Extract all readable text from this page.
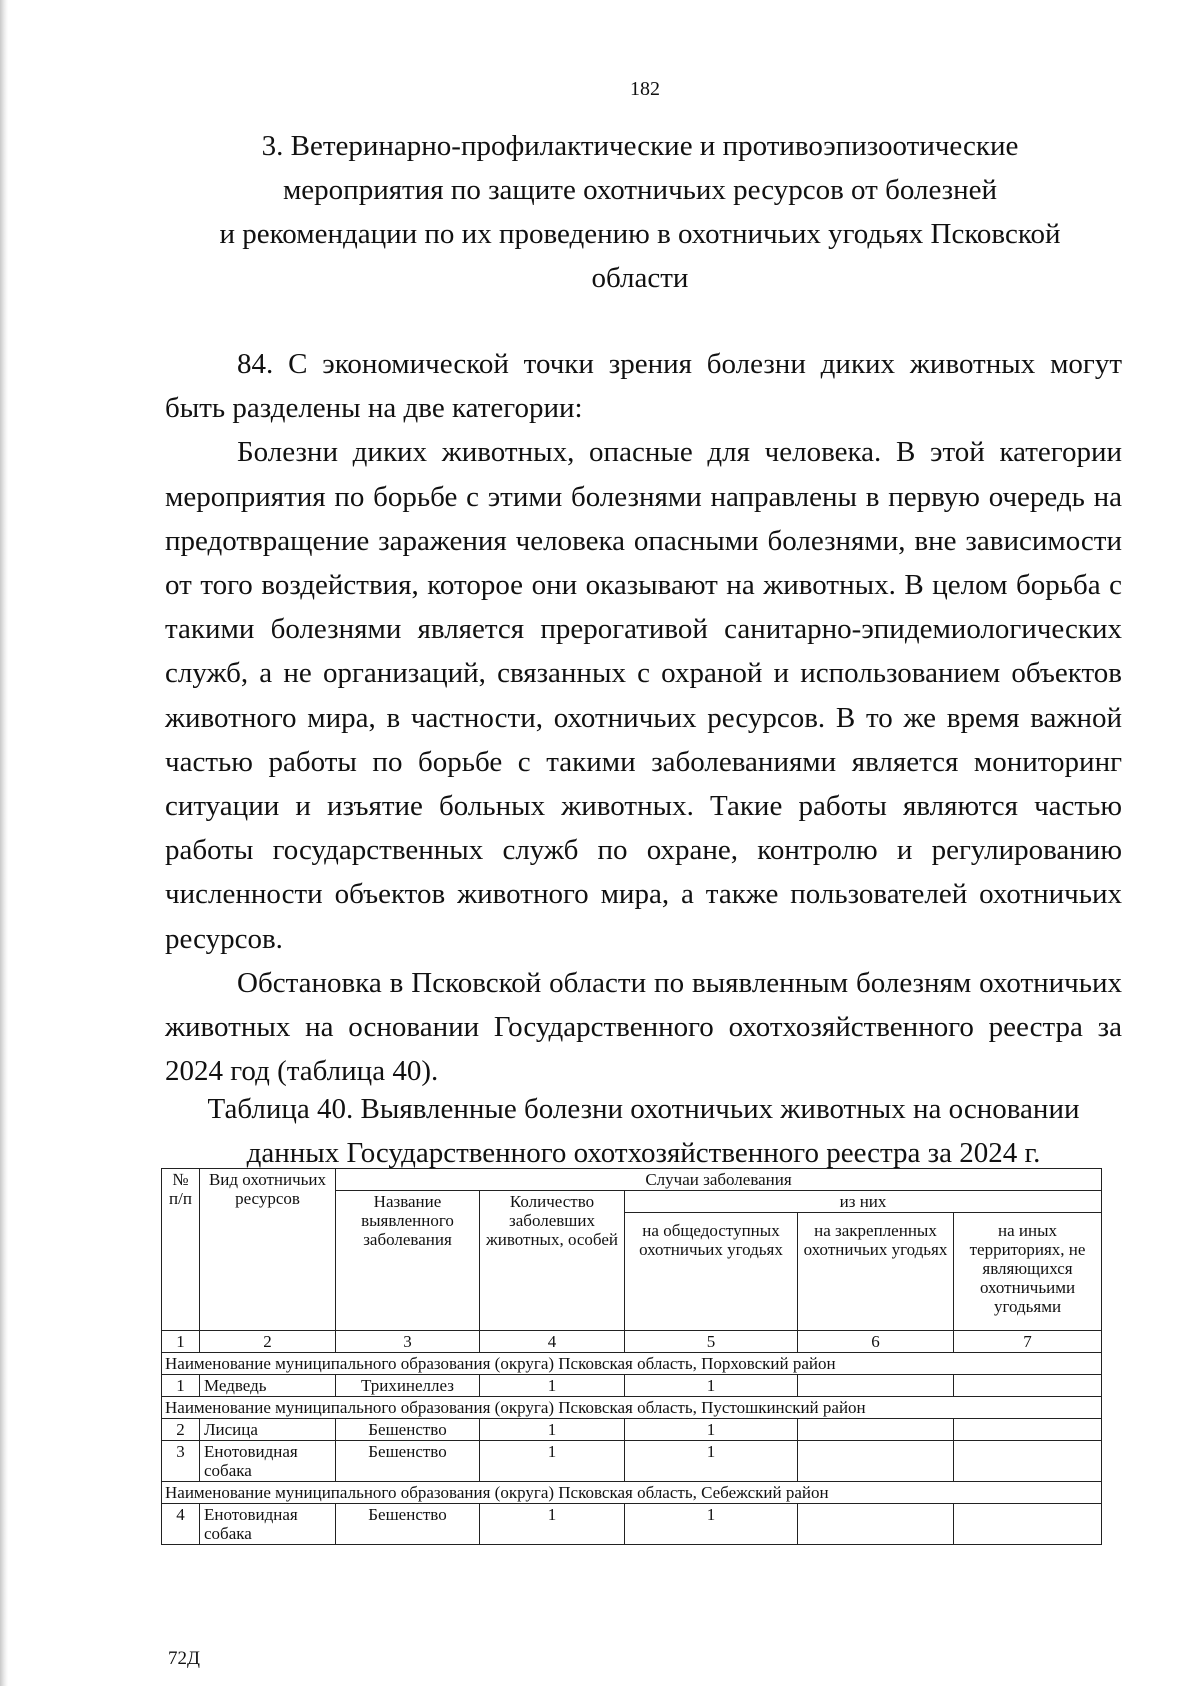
182
3. Ветеринарно-профилактические и противоэпизоотические
мероприятия по защите охотничьих ресурсов от болезней
и рекомендации по их проведению в охотничьих угодьях Псковской
области

84. С экономической точки зрения болезни диких животных могут быть разделены на две категории:

Болезни диких животных, опасные для человека. В этой категории мероприятия по борьбе с этими болезнями направлены в первую очередь на предотвращение заражения человека опасными болезнями, вне зависимости от того воздействия, которое они оказывают на животных. В целом борьба с такими болезнями является прерогативой санитарно-эпидемиологических служб, а не организаций, связанных с охраной и использованием объектов животного мира, в частности, охотничьих ресурсов. В то же время важной частью работы по борьбе с такими заболеваниями является мониторинг ситуации и изъятие больных животных. Такие работы являются частью работы государственных служб по охране, контролю и регулированию численности объектов животного мира, а также пользователей охотничьих ресурсов.

Обстановка в Псковской области по выявленным болезням охотничьих животных на основании Государственного охотхозяйственного реестра за 2024 год (таблица 40).

Таблица 40. Выявленные болезни охотничьих животных на основании
данных Государственного охотхозяйственного реестра за 2024 г.
№ п/п	Вид охотничьих ресурсов	Случаи заболевания				
		Название выявленного заболевания	Количество заболевших животных, особей	из них		
				на общедоступных охотничьих угодьях	на закрепленных охотничьих угодьях	на иных территориях, не являющихся охотничьими угодьями
1	2	3	4	5	6	7
Наименование муниципального образования (округа) Псковская область, Порховский район						
1	Медведь	Трихинеллез	1	1		
Наименование муниципального образования (округа) Псковская область, Пустошкинский район						
2	Лисица	Бешенство	1	1		
3	Енотовидная собака	Бешенство	1	1		
Наименование муниципального образования (округа) Псковская область, Себежский район						
4	Енотовидная собака	Бешенство	1	1		
72Д
